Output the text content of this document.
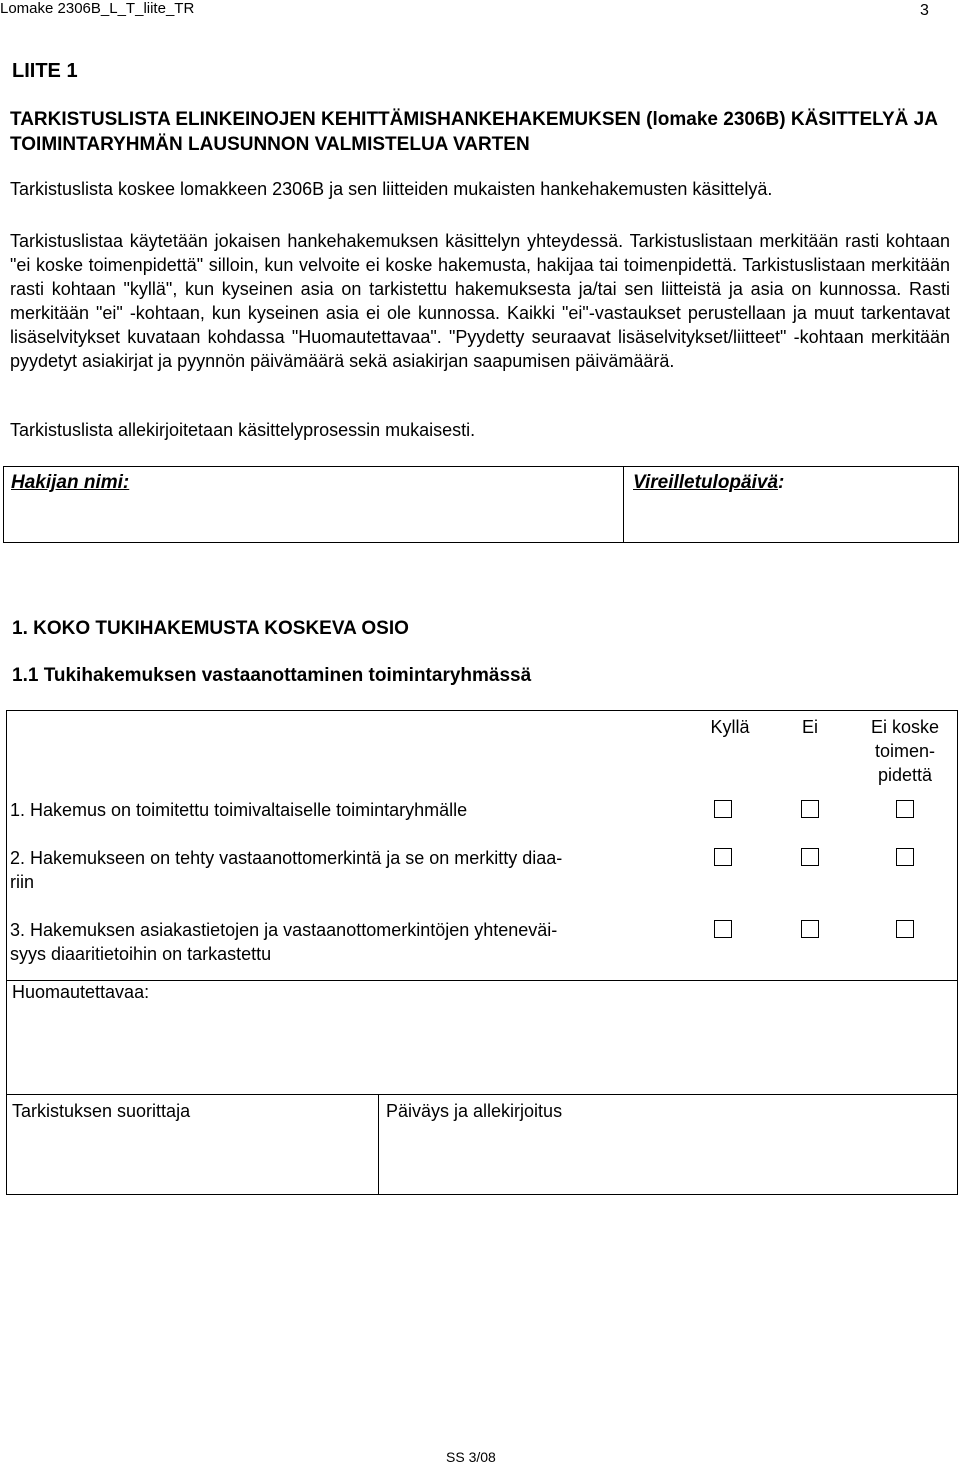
Lomake 2306B_L_T_liite_TR	3
LIITE 1
TARKISTUSLISTA ELINKEINOJEN KEHITTÄMISHANKEHAKEMUKSEN (lomake 2306B) KÄSITTELYÄ JA TOIMINTARYHMÄN LAUSUNNON VALMISTELUA VARTEN
Tarkistuslista koskee lomakkeen 2306B ja sen liitteiden mukaisten hankehakemusten käsittelyä.
Tarkistuslistaa käytetään jokaisen hankehakemuksen käsittelyn yhteydessä. Tarkistuslistaan merkitään rasti kohtaan "ei koske toimenpidettä" silloin, kun velvoite ei koske hakemusta, hakijaa tai toimenpidettä. Tarkistuslistaan merkitään rasti kohtaan "kyllä", kun kyseinen asia on tarkistettu hakemuksesta ja/tai sen liitteistä ja asia on kunnossa. Rasti merkitään "ei" -kohtaan, kun kyseinen asia ei ole kunnossa. Kaikki "ei"-vastaukset perustellaan ja muut tarkentavat lisäselvitykset kuvataan kohdassa "Huomautettavaa". "Pyydetty seuraavat lisäselvitykset/liitteet" -kohtaan merkitään pyydetyt asiakirjat ja pyynnön päivämäärä sekä asiakirjan saapumisen päivämäärä.
Tarkistuslista allekirjoitetaan käsittelyprosessin mukaisesti.
Hakijan nimi:	Vireilletulopäivä:
1. KOKO TUKIHAKEMUSTA KOSKEVA OSIO
1.1 Tukihakemuksen vastaanottaminen toimintaryhmässä
Kyllä	Ei	Ei koske
toimen-
pidettä
1. Hakemus on toimitettu toimivaltaiselle toimintaryhmälle
2. Hakemukseen on tehty vastaanottomerkintä ja se on merkitty diaa-
riin
3. Hakemuksen asiakastietojen ja vastaanottomerkintöjen yhteneväi-
syys diaaritietoihin on tarkastettu
Huomautettavaa:
Tarkistuksen suorittaja	Päiväys ja allekirjoitus
SS 3/08
